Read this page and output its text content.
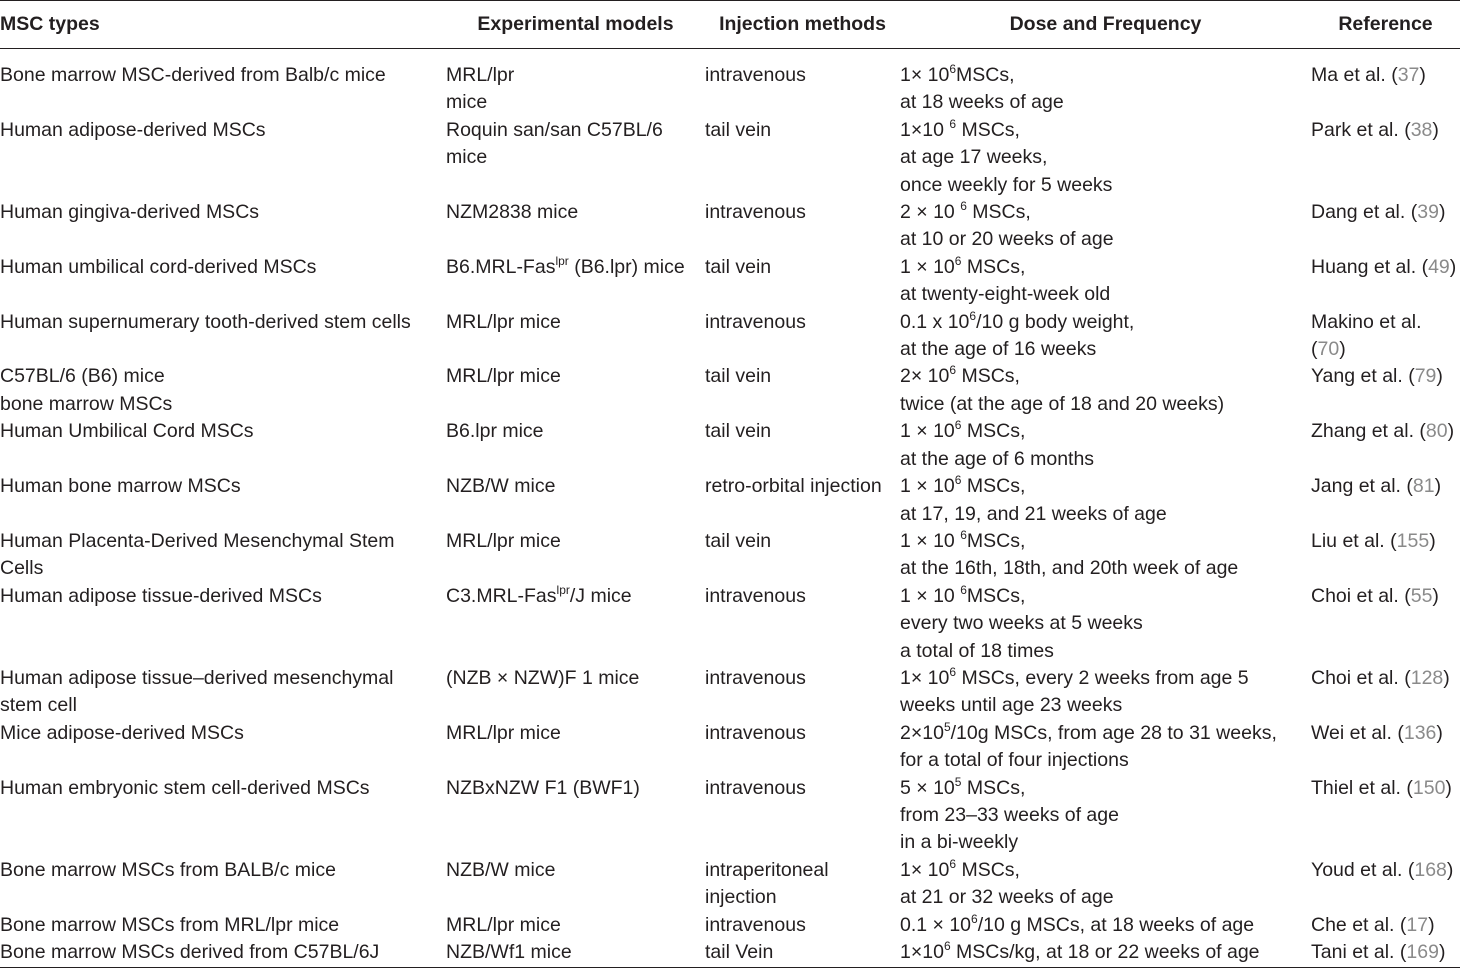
MSC types	Experimental models	Injection methods	Dose and Frequency	Reference

Bone marrow MSC-derived from Balb/c mice	MRL/lpr
mice	intravenous	$1\times 10^6MSCs$,
at 18 weeks of age	Ma et al. (37)

Human adipose-derived MSCs	Roquin san/san C57BL/6
mice	tail vein	1×10 $^6$ MSCs,
at age 17 weeks,
once weekly for 5 weeks	Park et al. (38)

Human gingiva-derived MSCs	NZM2838 mice	intravenous	2 × 10 $^6$ MSCs,
at 10 or 20 weeks of age	Dang et al. (39)

Human umbilical cord-derived MSCs	B6.MRL-Fas$^{lpr}$ (B6.lpr) mice	tail vein	$1 \times 10^6$ MSCs,
at twenty-eight-week old	Huang et al. (49)

Human supernumerary tooth-derived stem cells	MRL/lpr mice	intravenous	0.1 x $10^6/10$ g body weight,
at the age of 16 weeks	Makino et al.
(70)

C57BL/6 (B6) mice
bone marrow MSCs	MRL/lpr mice	tail vein	$2\times 10^6$ MSCs,
twice (at the age of 18 and 20 weeks)	Yang et al. (79)

Human Umbilical Cord MSCs	B6.lpr mice	tail vein	$1 \times 10^6$ MSCs,
at the age of 6 months	Zhang et al. (80)

Human bone marrow MSCs	NZB/W mice	retro-orbital injection	$1 \times 10^6$ MSCs,
at 17, 19, and 21 weeks of age	Jang et al. (81)

Human Placenta-Derived Mesenchymal Stem
Cells	MRL/lpr mice	tail vein	1 × 10 $^6$MSCs,
at the 16th, 18th, and 20th week of age	Liu et al. (155)

Human adipose tissue-derived MSCs	C3.MRL-Fas$^{lpr}$/J mice	intravenous	1 × 10 $^6$MSCs,
every two weeks at 5 weeks
a total of 18 times	Choi et al. (55)

Human adipose tissue–derived mesenchymal
stem cell	(NZB × NZW)F 1 mice	intravenous	$1\times 10^6$ MSCs, every 2 weeks from age 5
weeks until age 23 weeks	Choi et al. (128)

Mice adipose-derived MSCs	MRL/lpr mice	intravenous	$2\times 10^5/10g$ MSCs, from age 28 to 31 weeks,
for a total of four injections	Wei et al. (136)

Human embryonic stem cell-derived MSCs	NZBxNZW F1 (BWF1)	intravenous	$5 \times 10^5$ MSCs,
from 23–33 weeks of age
in a bi-weekly	Thiel et al. (150)

Bone marrow MSCs from BALB/c mice	NZB/W mice	intraperitoneal
injection	$1\times 10^6$ MSCs,
at 21 or 32 weeks of age	Youd et al. (168)

Bone marrow MSCs from MRL/lpr mice	MRL/lpr mice	intravenous	$0.1 \times 10^6/10$ g MSCs, at 18 weeks of age	Che et al. (17)

Bone marrow MSCs derived from C57BL/6J	NZB/Wf1 mice	tail Vein	$1\times 10^6$ MSCs/kg, at 18 or 22 weeks of age	Tani et al. (169)
